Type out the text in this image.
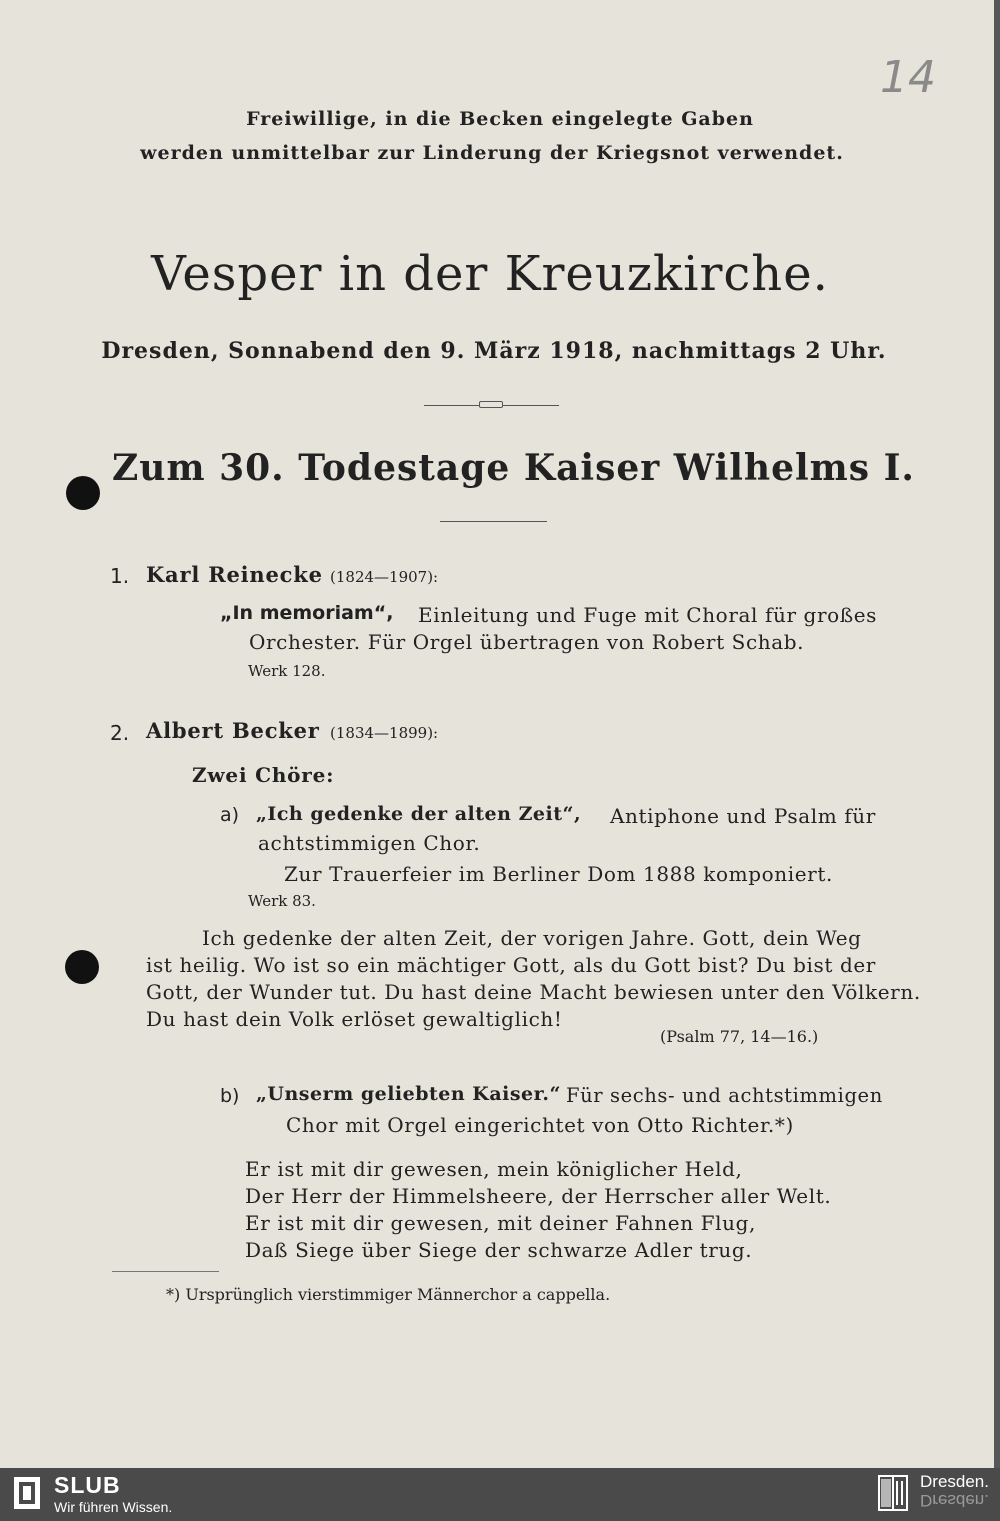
14
Freiwillige, in die Becken eingelegte Gaben
werden unmittelbar zur Linderung der Kriegsnot verwendet.
Vesper in der Kreuzkirche.
Dresden, Sonnabend den 9. März 1918, nachmittags 2 Uhr.
Zum 30. Todestage Kaiser Wilhelms I.
1. Karl Reinecke (1824—1907):
„In memoriam“, Einleitung und Fuge mit Choral für großes
Orchester. Für Orgel übertragen von Robert Schab.
Werk 128.
2. Albert Becker (1834—1899):
Zwei Chöre:
a) „Ich gedenke der alten Zeit“, Antiphone und Psalm für
achtstimmigen Chor.
Zur Trauerfeier im Berliner Dom 1888 komponiert.
Werk 83.
Ich gedenke der alten Zeit, der vorigen Jahre. Gott, dein Weg
ist heilig. Wo ist so ein mächtiger Gott, als du Gott bist? Du bist der
Gott, der Wunder tut. Du hast deine Macht bewiesen unter den Völkern.
Du hast dein Volk erlöset gewaltiglich!
(Psalm 77, 14—16.)
b) „Unserm geliebten Kaiser.“ Für sechs- und achtstimmigen
Chor mit Orgel eingerichtet von Otto Richter.*)
Er ist mit dir gewesen, mein königlicher Held,
Der Herr der Himmelsheere, der Herrscher aller Welt.
Er ist mit dir gewesen, mit deiner Fahnen Flug,
Daß Siege über Siege der schwarze Adler trug.
*) Ursprünglich vierstimmiger Männerchor a cappella.
SLUB
Wir führen Wissen.
Dresden.
Dresden.
